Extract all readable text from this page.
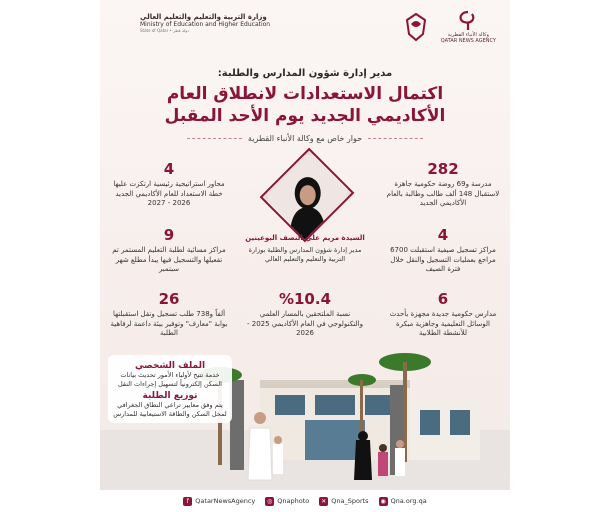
وزارة التربية والتعليم والتعليم العالي
Ministry of Education and Higher Education
State of Qatar • دولة قطر
وكالة الأنباء القطرية
QATAR NEWS AGENCY
مدير إدارة شؤون المدارس والطلبة:
اكتمال الاستعدادات لانطلاق العام
الأكاديمي الجديد يوم الأحد المقبل
حوار خاص مع وكالة الأنباء القطرية
السيدة مريم علي النصف البوعينين
مدير إدارة شؤون المدارس والطلبة بوزارة التربية والتعليم والتعليم العالي
282
مدرسة و69 روضة حكومية جاهزة لاستقبال 148 ألف طالب وطالبة بالعام الأكاديمي الجديد
4
مراكز تسجيل صيفية استقبلت 6700 مراجع بعمليات التسجيل والنقل خلال فترة الصيف
6
مدارس حكومية جديدة مجهزة بأحدث الوسائل التعليمية وجاهزية مبكرة للأنشطة الطلابية
4
محاور استراتيجية رئيسية ارتكزت عليها خطة الاستعداد للعام الأكاديمي الجديد 2026 - 2027
9
مراكز مسائية لطلبة التعليم المستمر تم تفعيلها والتسجيل فيها يبدأ مطلع شهر سبتمبر
26
ألفاً و738 طلب تسجيل ونقل استقبلتها بوابة "معارف" وتوفير بيئة داعمة لرفاهية الطلبة
%10.4
نسبة الملتحقين بالمسار العلمي والتكنولوجي في العام الأكاديمي 2025 - 2026
الملف الشخصي
خدمة تتيح لأولياء الأمور تحديث بيانات السكن إلكترونياً لتسهيل إجراءات النقل
توزيع الطلبة
يتم وفق معايير تراعي النطاق الجغرافي لمحل السكن والطاقة الاستيعابية للمدارس
f QatarNewsAgency	◎ Qnaphoto	✕ Qna_Sports	◉ Qna.org.qa
